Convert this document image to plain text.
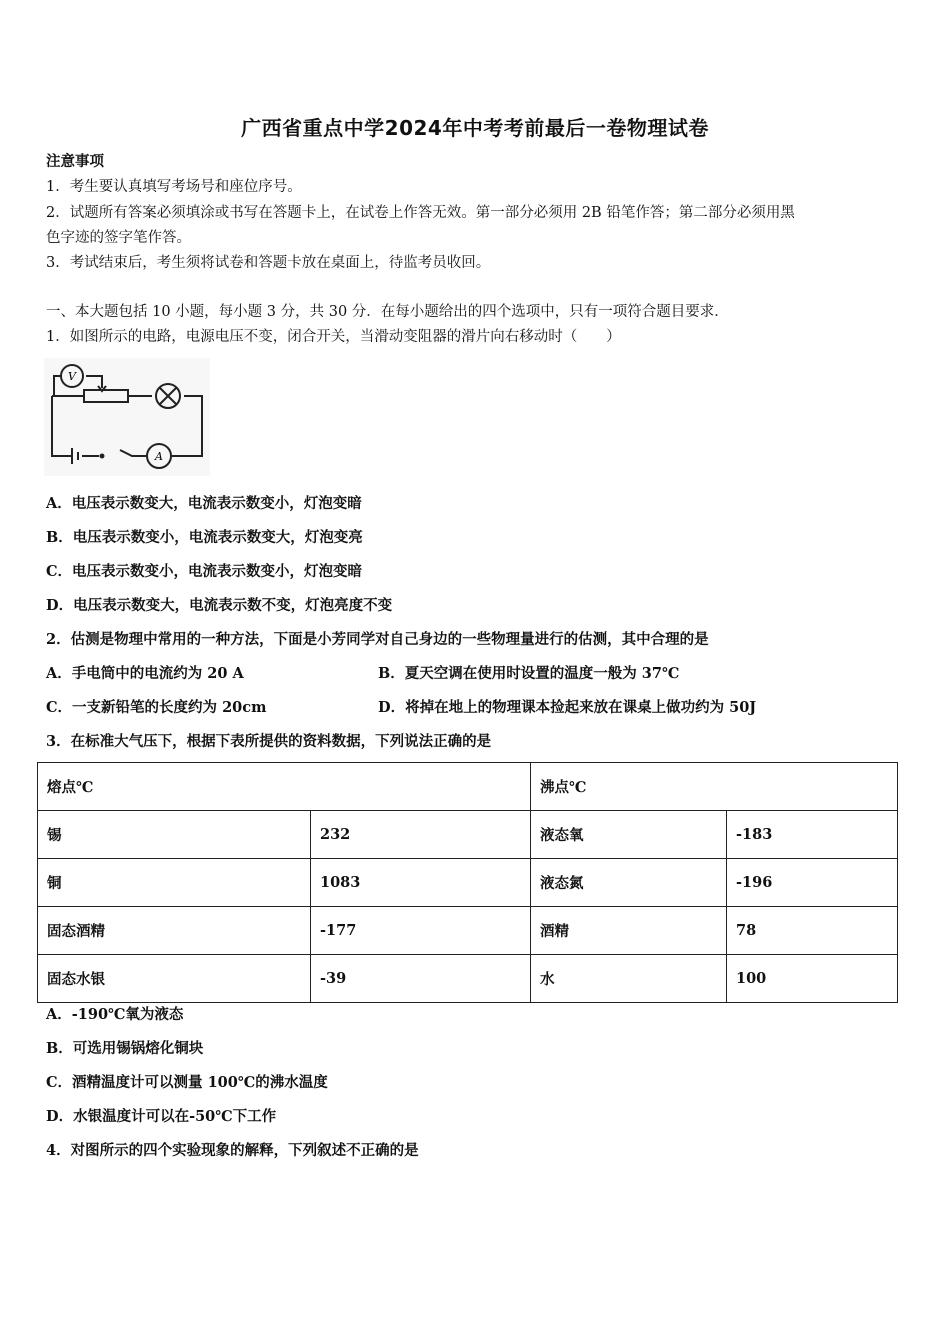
广西省重点中学2024年中考考前最后一卷物理试卷
注意事项
1．考生要认真填写考场号和座位序号。
2．试题所有答案必须填涂或书写在答题卡上，在试卷上作答无效。第一部分必须用 2B 铅笔作答；第二部分必须用黑
色字迹的签字笔作答。
3．考试结束后，考生须将试卷和答题卡放在桌面上，待监考员收回。
一、本大题包括 10 小题，每小题 3 分，共 30 分．在每小题给出的四个选项中，只有一项符合题目要求．
1．如图所示的电路，电源电压不变，闭合开关，当滑动变阻器的滑片向右移动时（　　）
V
A
A．电压表示数变大，电流表示数变小，灯泡变暗
B．电压表示数变小，电流表示数变大，灯泡变亮
C．电压表示数变小，电流表示数变小，灯泡变暗
D．电压表示数变大，电流表示数不变，灯泡亮度不变
2．估测是物理中常用的一种方法，下面是小芳同学对自己身边的一些物理量进行的估测，其中合理的是
A．手电筒中的电流约为 20 A	B．夏天空调在使用时设置的温度一般为 37℃
C．一支新铅笔的长度约为 20cm	D．将掉在地上的物理课本捡起来放在课桌上做功约为 50J
3．在标准大气压下，根据下表所提供的资料数据，下列说法正确的是
熔点℃		沸点℃	
锡	232	液态氧	-183
铜	1083	液态氮	-196
固态酒精	-177	酒精	78
固态水银	-39	水	100
A．-190℃氧为液态
B．可选用锡锅熔化铜块
C．酒精温度计可以测量 100℃的沸水温度
D．水银温度计可以在-50℃下工作
4．对图所示的四个实验现象的解释，下列叙述不正确的是
